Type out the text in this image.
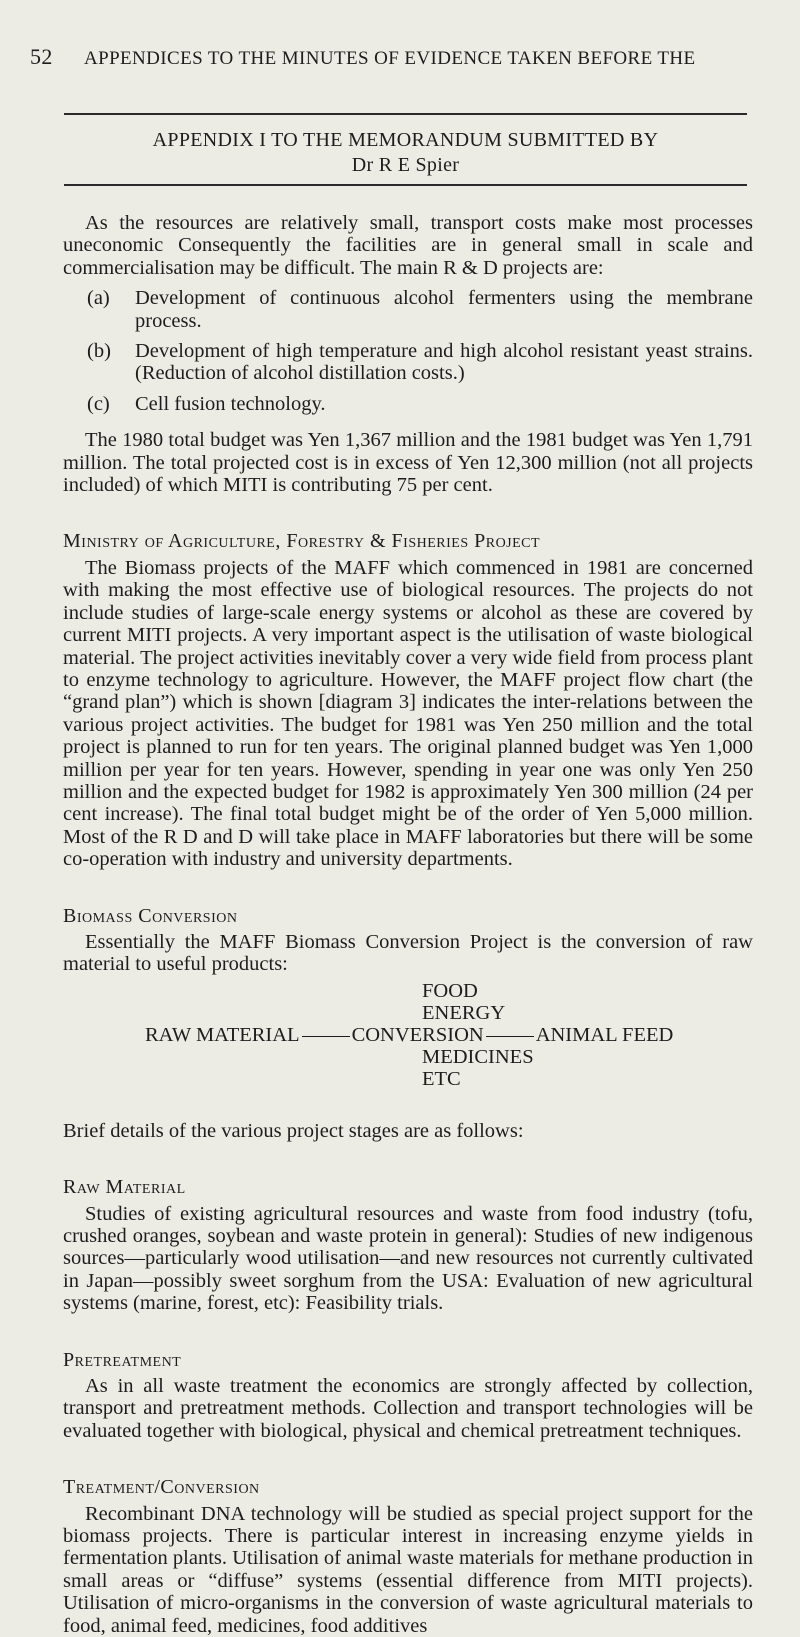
52 APPENDICES TO THE MINUTES OF EVIDENCE TAKEN BEFORE THE
APPENDIX I TO THE MEMORANDUM SUBMITTED BY
Dr R E Spier

As the resources are relatively small, transport costs make most processes uneconomic Consequently the facilities are in general small in scale and commercialisation may be difficult. The main R & D projects are:

(a)	Development of continuous alcohol fermenters using the membrane process.
(b)	Development of high temperature and high alcohol resistant yeast strains. (Reduction of alcohol distillation costs.)
(c)	Cell fusion technology.

The 1980 total budget was Yen 1,367 million and the 1981 budget was Yen 1,791 million. The total projected cost is in excess of Yen 12,300 million (not all projects included) of which MITI is contributing 75 per cent.

Ministry of Agriculture, Forestry & Fisheries Project

The Biomass projects of the MAFF which commenced in 1981 are concerned with making the most effective use of biological resources. The projects do not include studies of large-scale energy systems or alcohol as these are covered by current MITI projects. A very important aspect is the utilisation of waste biological material. The project activities inevitably cover a very wide field from process plant to enzyme technology to agriculture. However, the MAFF project flow chart (the “grand plan”) which is shown [diagram 3] indicates the inter-relations between the various project activities. The budget for 1981 was Yen 250 million and the total project is planned to run for ten years. The original planned budget was Yen 1,000 million per year for ten years. However, spending in year one was only Yen 250 million and the expected budget for 1982 is approximately Yen 300 million (24 per cent increase). The final total budget might be of the order of Yen 5,000 million. Most of the R D and D will take place in MAFF laboratories but there will be some co-operation with industry and university departments.

Biomass Conversion

Essentially the MAFF Biomass Conversion Project is the conversion of raw material to useful products:

FOOD
ENERGY

MEDICINES
ETC
RAW MATERIAL	CONVERSION	ANIMAL FEED

Brief details of the various project stages are as follows:

Raw Material

Studies of existing agricultural resources and waste from food industry (tofu, crushed oranges, soybean and waste protein in general): Studies of new indigenous sources—particularly wood utilisation—and new resources not currently cultivated in Japan—possibly sweet sorghum from the USA: Evaluation of new agricultural systems (marine, forest, etc): Feasibility trials.

Pretreatment

As in all waste treatment the economics are strongly affected by collection, transport and pretreatment methods. Collection and transport technologies will be evaluated together with biological, physical and chemical pretreatment techniques.

Treatment/Conversion

Recombinant DNA technology will be studied as special project support for the biomass projects. There is particular interest in increasing enzyme yields in fermentation plants. Utilisation of animal waste materials for methane production in small areas or “diffuse” systems (essential difference from MITI projects). Utilisation of micro-organisms in the conversion of waste agricultural materials to food, animal feed, medicines, food additives
